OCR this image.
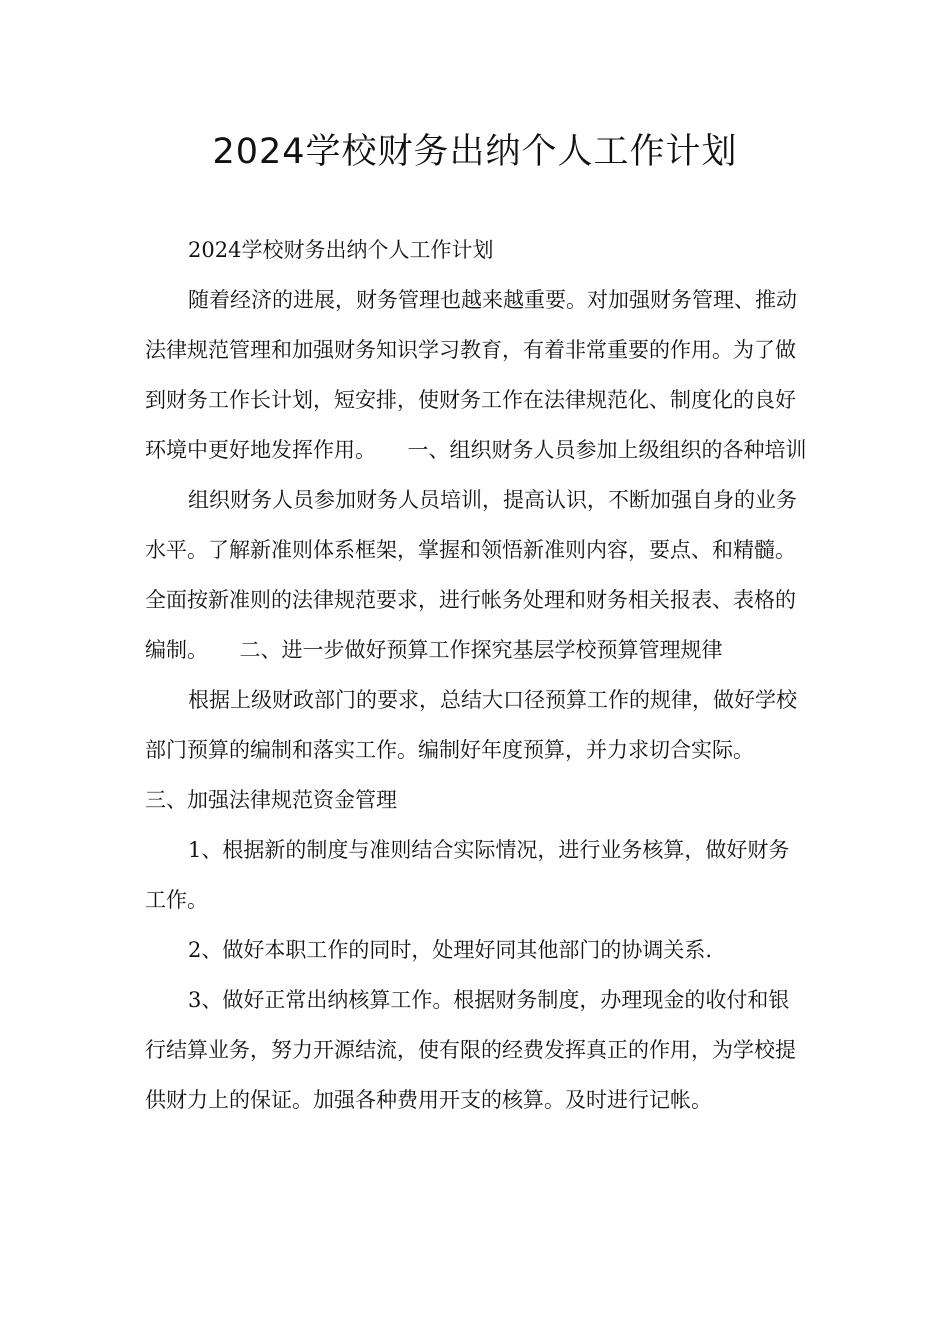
2024学校财务出纳个人工作计划

2024学校财务出纳个人工作计划

随着经济的进展，财务管理也越来越重要。对加强财务管理、推动法律规范管理和加强财务知识学习教育，有着非常重要的作用。为了做到财务工作长计划，短安排，使财务工作在法律规范化、制度化的良好环境中更好地发挥作用。　　一、组织财务人员参加上级组织的各种培训

组织财务人员参加财务人员培训，提高认识，不断加强自身的业务水平。了解新准则体系框架，掌握和领悟新准则内容，要点、和精髓。全面按新准则的法律规范要求，进行帐务处理和财务相关报表、表格的编制。　　二、进一步做好预算工作探究基层学校预算管理规律

根据上级财政部门的要求，总结大口径预算工作的规律，做好学校部门预算的编制和落实工作。编制好年度预算，并力求切合实际。　　三、加强法律规范资金管理

1、根据新的制度与准则结合实际情况，进行业务核算，做好财务工作。

2、做好本职工作的同时，处理好同其他部门的协调关系.

3、做好正常出纳核算工作。根据财务制度，办理现金的收付和银行结算业务，努力开源结流，使有限的经费发挥真正的作用，为学校提供财力上的保证。加强各种费用开支的核算。及时进行记帐。
